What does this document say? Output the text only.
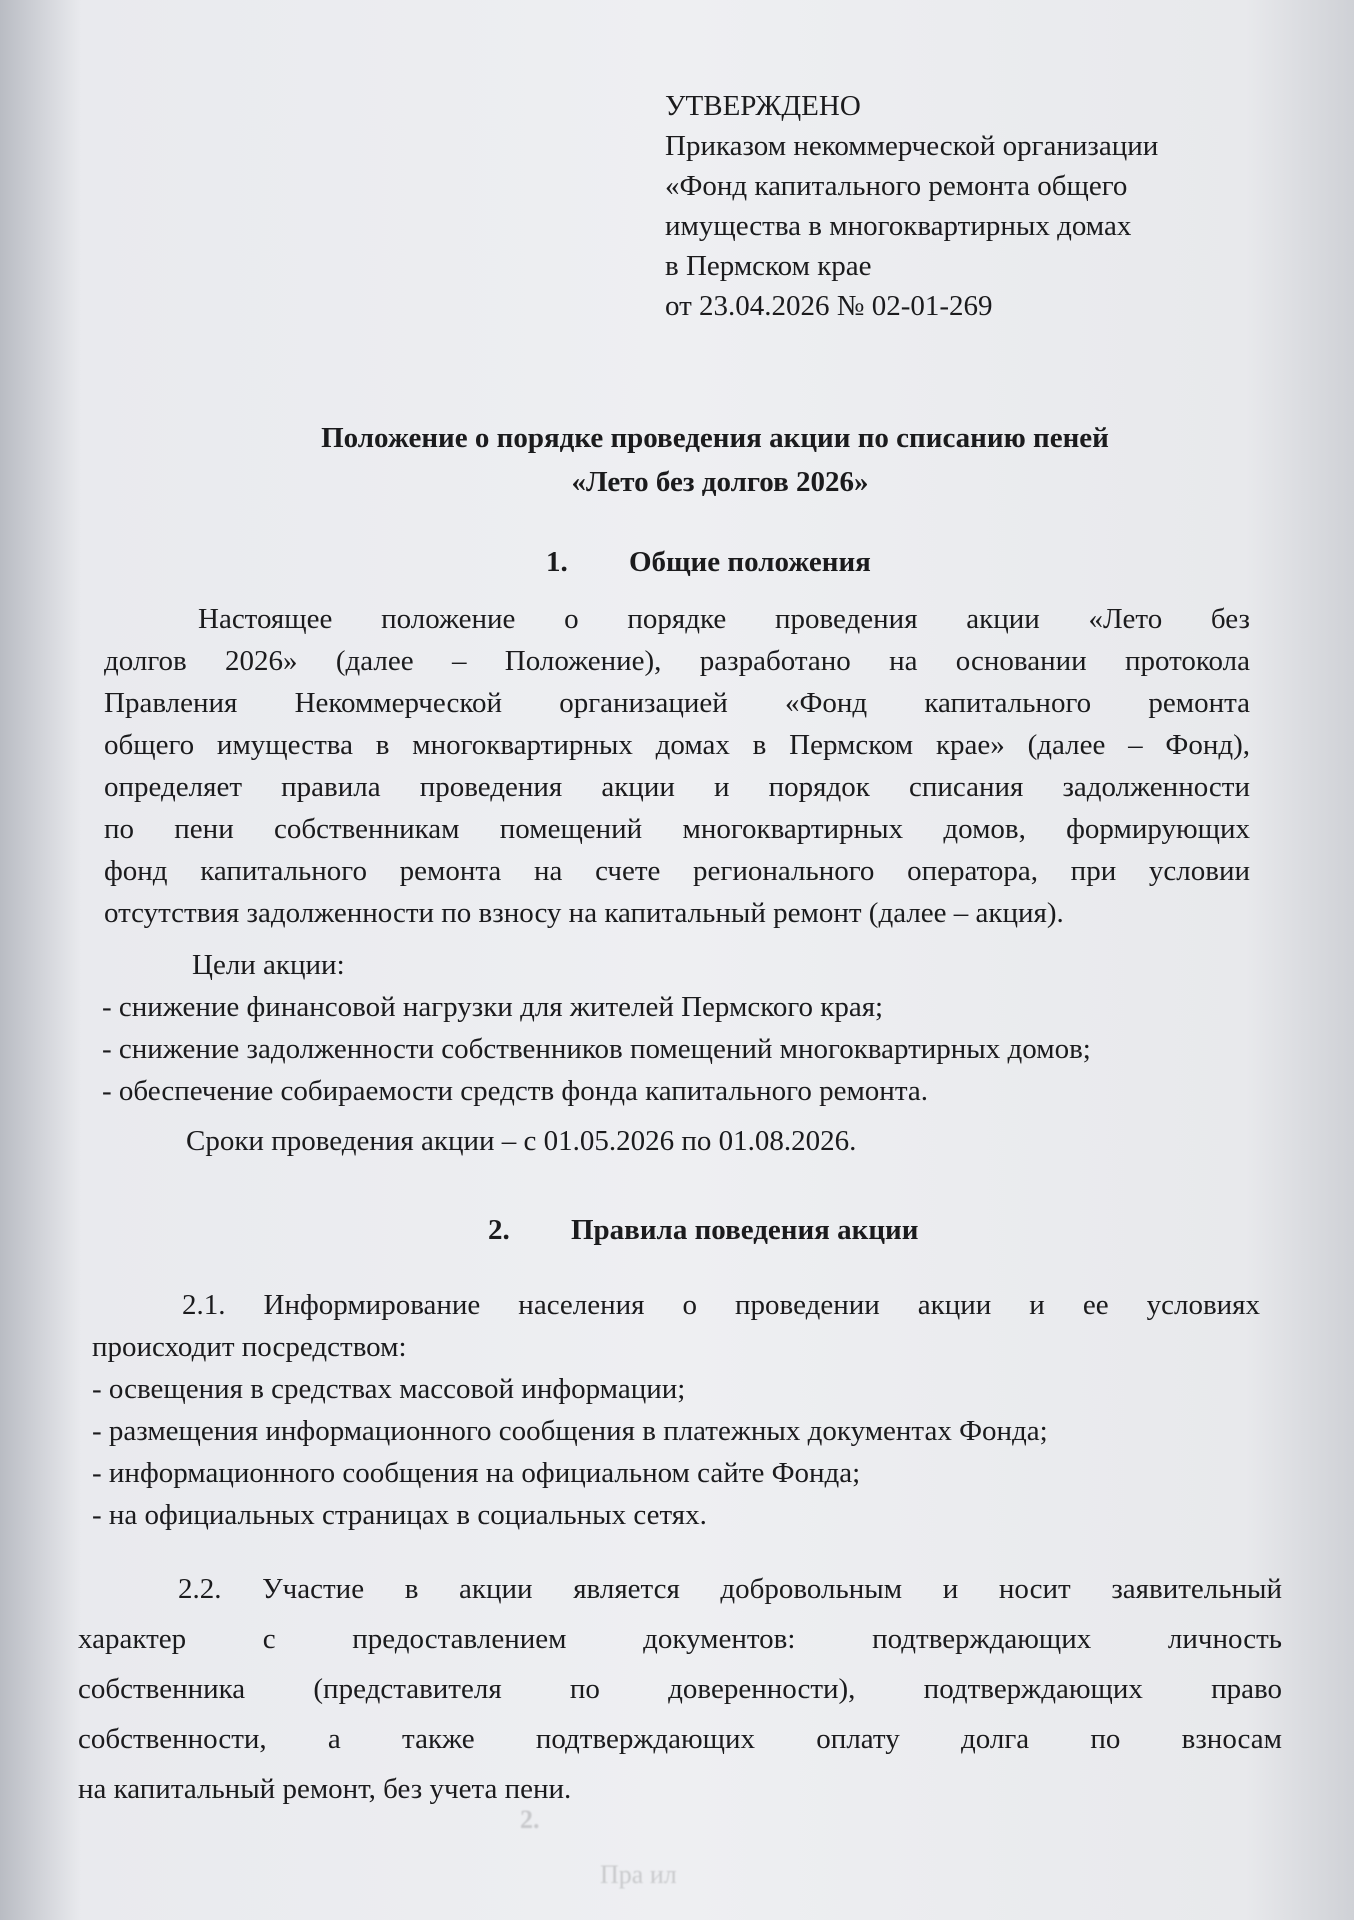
УТВЕРЖДЕНО
Приказом некоммерческой организации
«Фонд капитального ремонта общего
имущества в многоквартирных домах
в Пермском крае
от 23.04.2026 № 02-01-269
Положение о порядке проведения акции по списанию пеней
«Лето без долгов 2026»
1. Общие положения
Настоящее положение о порядке проведения акции «Лето без
долгов 2026» (далее – Положение), разработано на основании протокола
Правления Некоммерческой организацией «Фонд капитального ремонта
общего имущества в многоквартирных домах в Пермском крае» (далее – Фонд),
определяет правила проведения акции и порядок списания задолженности
по пени собственникам помещений многоквартирных домов, формирующих
фонд капитального ремонта на счете регионального оператора, при условии
отсутствия задолженности по взносу на капитальный ремонт (далее – акция).
Цели акции:
- снижение финансовой нагрузки для жителей Пермского края;
- снижение задолженности собственников помещений многоквартирных домов;
- обеспечение собираемости средств фонда капитального ремонта.
Сроки проведения акции – с 01.05.2026 по 01.08.2026.
2. Правила поведения акции
2.1. Информирование населения о проведении акции и ее условиях
происходит посредством:
- освещения в средствах массовой информации;
- размещения информационного сообщения в платежных документах Фонда;
- информационного сообщения на официальном сайте Фонда;
- на официальных страницах в социальных сетях.
2.2. Участие в акции является добровольным и носит заявительный
характер с предоставлением документов: подтверждающих личность
собственника (представителя по доверенности), подтверждающих право
собственности, а также подтверждающих оплату долга по взносам
на капитальный ремонт, без учета пени.
2.
Пра ил
